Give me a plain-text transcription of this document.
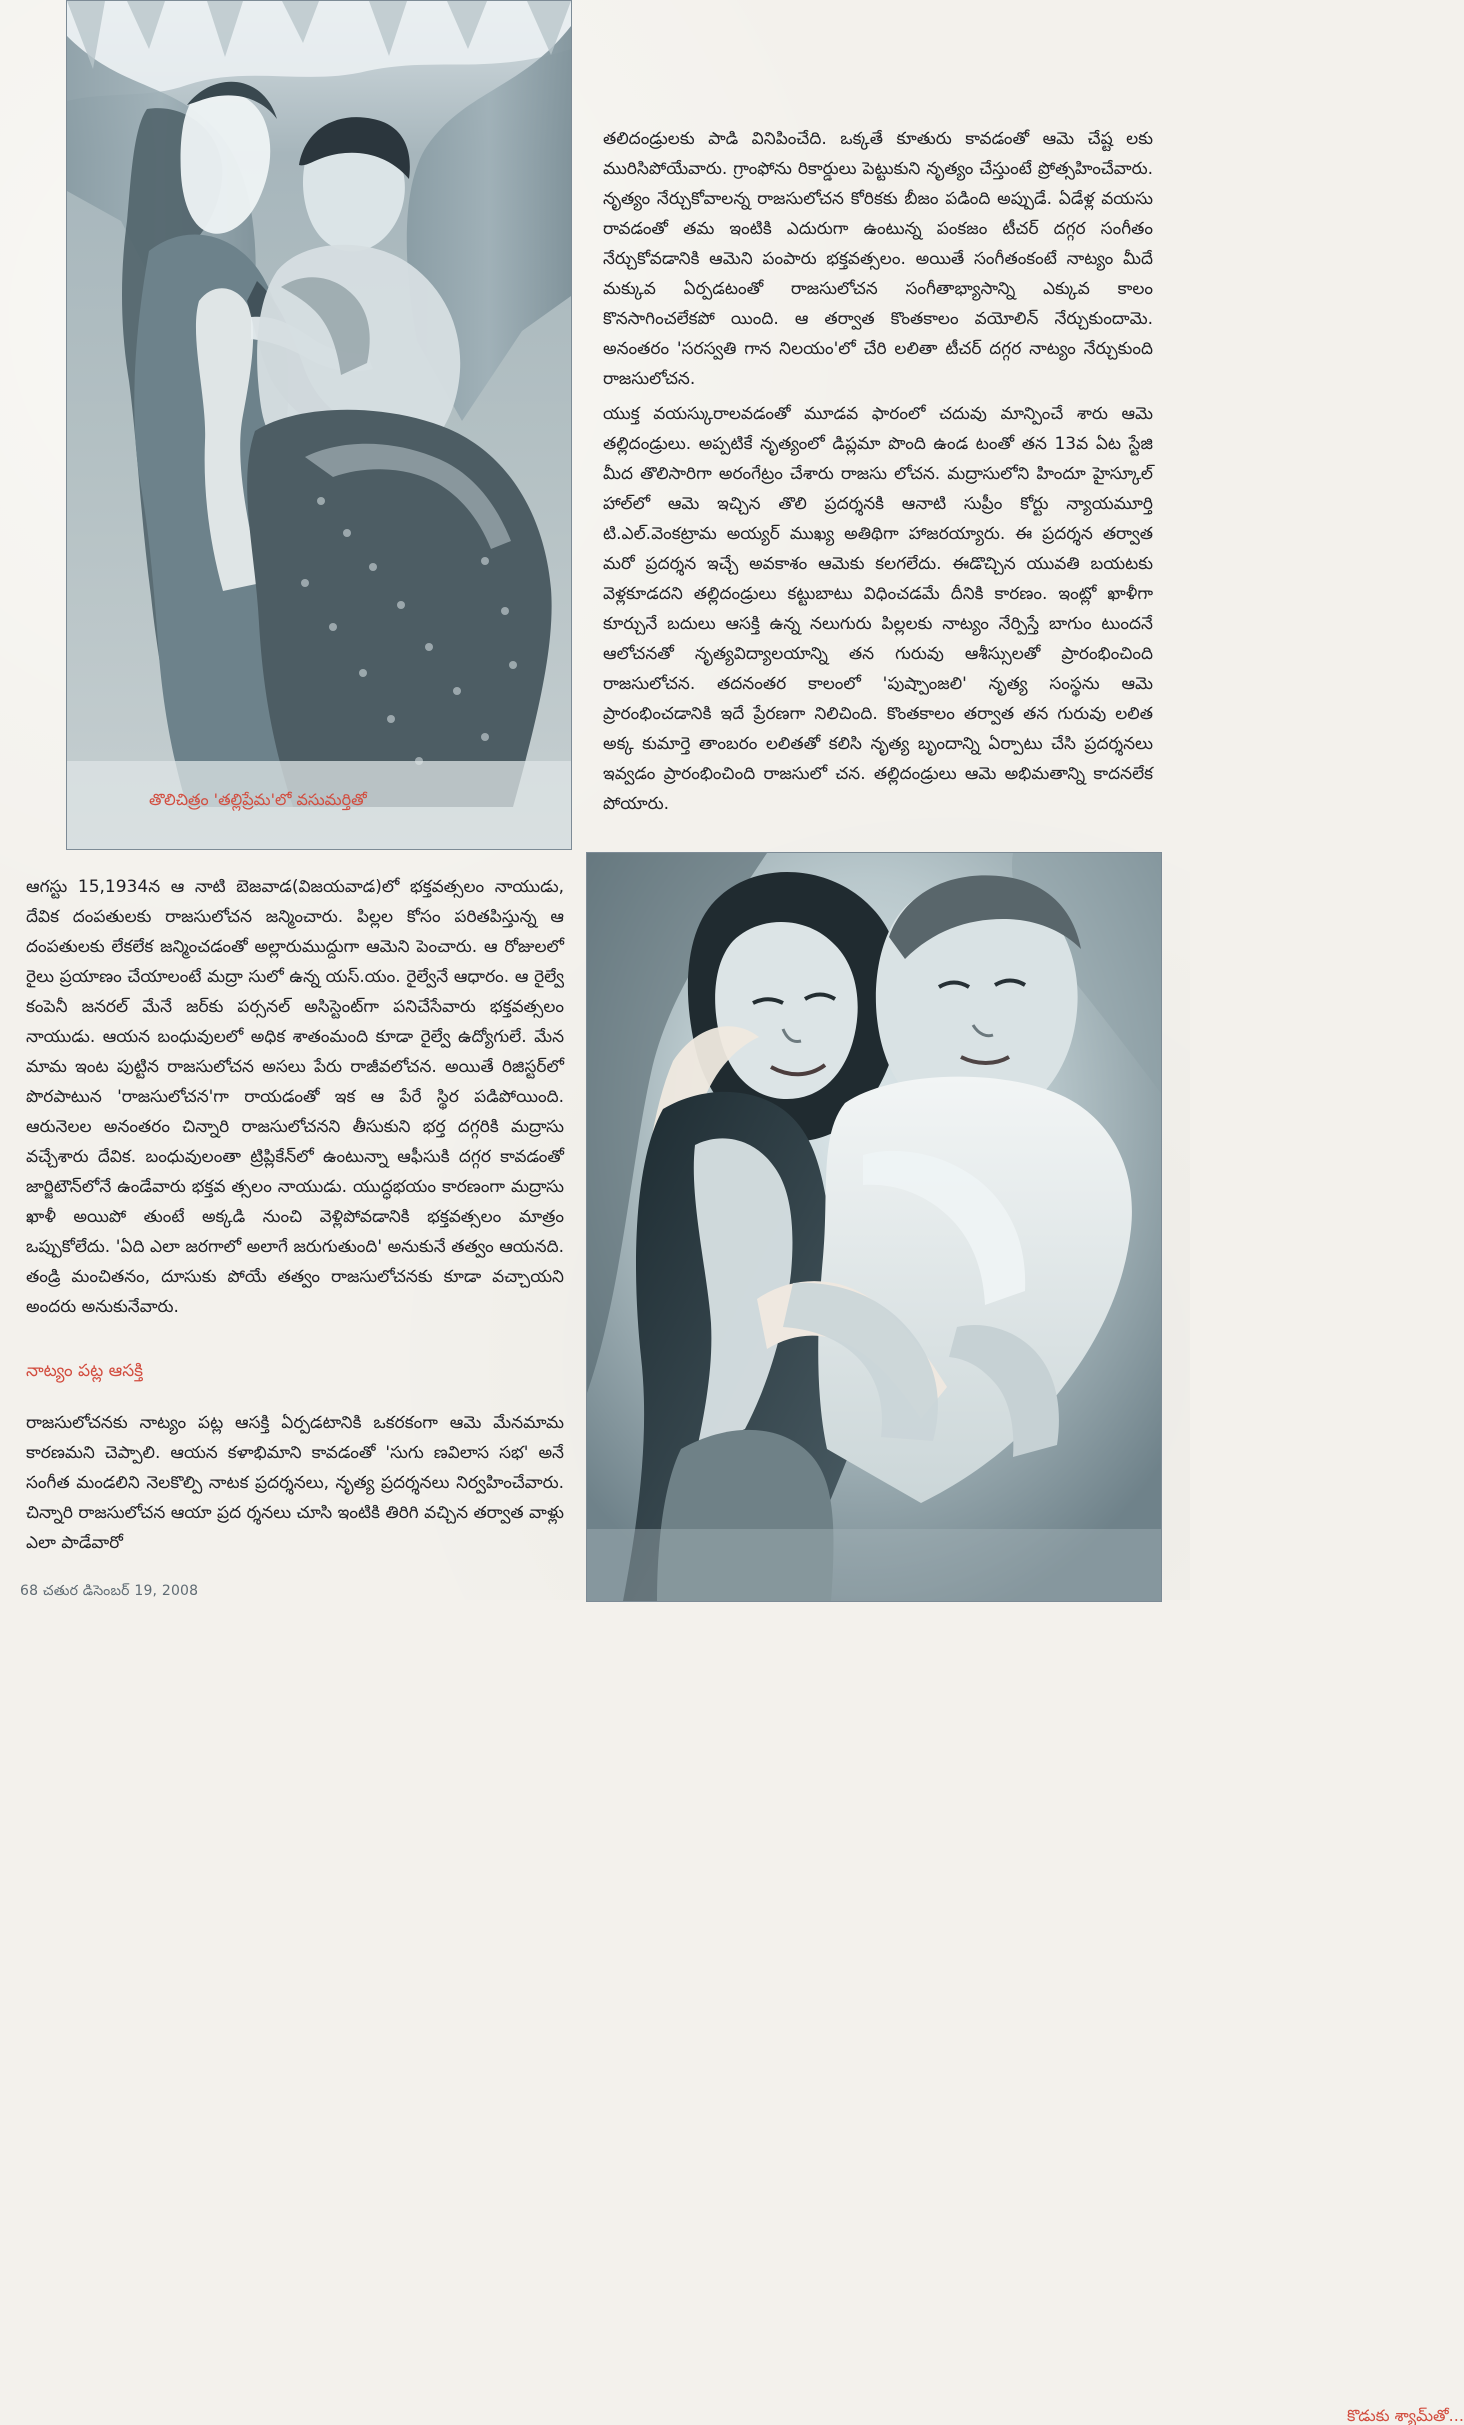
తొలిచిత్రం 'తల్లిప్రేమ'లో వసుమర్తితో

తలిదండ్రులకు పాడి వినిపించేది. ఒక్కతే కూతురు కావడంతో ఆమె చేష్ట లకు మురిసిపోయేవారు. గ్రాంఫోను రికార్డులు పెట్టుకుని నృత్యం చేస్తుంటే ప్రోత్సహించేవారు. నృత్యం నేర్చుకోవాలన్న రాజసులోచన కోరికకు బీజం పడింది అప్పుడే. ఏడేళ్ల వయసు రావడంతో తమ ఇంటికి ఎదురుగా ఉంటున్న పంకజం టీచర్ దగ్గర సంగీతం నేర్చుకోవడానికి ఆమెని పంపారు భక్తవత్సలం. అయితే సంగీతంకంటే నాట్యం మీదే మక్కువ ఏర్పడటంతో రాజసులోచన సంగీతాభ్యాసాన్ని ఎక్కువ కాలం కొనసాగించలేకపో యింది. ఆ తర్వాత కొంతకాలం వయోలిన్ నేర్చుకుందామె. అనంతరం 'సరస్వతి గాన నిలయం'లో చేరి లలితా టీచర్ దగ్గర నాట్యం నేర్చుకుంది రాజసులోచన.

యుక్త వయస్కురాలవడంతో మూడవ ఫారంలో చదువు మాన్పించే శారు ఆమె తల్లిదండ్రులు. అప్పటికే నృత్యంలో డిప్లమా పొంది ఉండ టంతో తన 13వ ఏట స్టేజి మీద తొలిసారిగా అరంగేట్రం చేశారు రాజసు లోచన. మద్రాసులోని హిందూ హైస్కూల్ హాల్‌లో ఆమె ఇచ్చిన తొలి ప్రదర్శనకి ఆనాటి సుప్రీం కోర్టు న్యాయమూర్తి టి.ఎల్.వెంకట్రామ అయ్యర్ ముఖ్య అతిథిగా హాజరయ్యారు. ఈ ప్రదర్శన తర్వాత మరో ప్రదర్శన ఇచ్చే అవకాశం ఆమెకు కలగలేదు. ఈడొచ్చిన యువతి బయటకు వెళ్లకూడదని తల్లిదండ్రులు కట్టుబాటు విధించడమే దీనికి కారణం. ఇంట్లో ఖాళీగా కూర్చునే బదులు ఆసక్తి ఉన్న నలుగురు పిల్లలకు నాట్యం నేర్పిస్తే బాగుం టుందనే ఆలోచనతో నృత్యవిద్యాలయాన్ని తన గురువు ఆశీస్సులతో ప్రారంభించింది రాజసులోచన. తదనంతర కాలంలో 'పుష్పాంజలి' నృత్య సంస్థను ఆమె ప్రారంభించడానికి ఇదే ప్రేరణగా నిలిచింది. కొంతకాలం తర్వాత తన గురువు లలిత అక్క కుమార్తె తాంబరం లలితతో కలిసి నృత్య బృందాన్ని ఏర్పాటు చేసి ప్రదర్శనలు ఇవ్వడం ప్రారంభించింది రాజసులో చన. తల్లిదండ్రులు ఆమె అభిమతాన్ని కాదనలేక పోయారు.

ఆగస్టు 15,1934న ఆ నాటి బెజవాడ(విజయవాడ)లో భక్తవత్సలం నాయుడు, దేవిక దంపతులకు రాజసులోచన జన్మించారు. పిల్లల కోసం పరితపిస్తున్న ఆ దంపతులకు లేకలేక జన్మించడంతో అల్లారుముద్దుగా ఆమెని పెంచారు. ఆ రోజులలో రైలు ప్రయాణం చేయాలంటే మద్రా సులో ఉన్న యస్.యం. రైల్వేనే ఆధారం. ఆ రైల్వే కంపెనీ జనరల్ మేనే జర్‌కు పర్సనల్ అసిస్టెంట్‌గా పనిచేసేవారు భక్తవత్సలం నాయుడు. ఆయన బంధువులలో అధిక శాతంమంది కూడా రైల్వే ఉద్యోగులే. మేన మామ ఇంట పుట్టిన రాజసులోచన అసలు పేరు రాజీవలోచన. అయితే రిజిస్టర్‌లో పొరపాటున 'రాజసులోచన'గా రాయడంతో ఇక ఆ పేరే స్థిర పడిపోయింది. ఆరునెలల అనంతరం చిన్నారి రాజసులోచనని తీసుకుని భర్త దగ్గరికి మద్రాసు వచ్చేశారు దేవిక. బంధువులంతా ట్రిప్లికేన్‌లో ఉంటున్నా ఆఫీసుకి దగ్గర కావడంతో జార్జిటౌన్‌లోనే ఉండేవారు భక్తవ త్సలం నాయుడు. యుద్ధభయం కారణంగా మద్రాసు ఖాళీ అయిపో తుంటే అక్కడి నుంచి వెళ్లిపోవడానికి భక్తవత్సలం మాత్రం ఒప్పుకోలేదు. 'ఏది ఎలా జరగాలో అలాగే జరుగుతుంది' అనుకునే తత్వం ఆయనది. తండ్రి మంచితనం, దూసుకు పోయే తత్వం రాజసులోచనకు కూడా వచ్చాయని అందరు అనుకునేవారు.

నాట్యం పట్ల ఆసక్తి

రాజసులోచనకు నాట్యం పట్ల ఆసక్తి ఏర్పడటానికి ఒకరకంగా ఆమె మేనమామ కారణమని చెప్పాలి. ఆయన కళాభిమాని కావడంతో 'సుగు ణవిలాస సభ' అనే సంగీత మండలిని నెలకొల్పి నాటక ప్రదర్శనలు, నృత్య ప్రదర్శనలు నిర్వహించేవారు. చిన్నారి రాజసులోచన ఆయా ప్రద ర్శనలు చూసి ఇంటికి తిరిగి వచ్చిన తర్వాత వాళ్లు ఎలా పాడేవారో

కొడుకు శ్యామ్‌తో...
68 చతుర డిసెంబర్ 19, 2008
